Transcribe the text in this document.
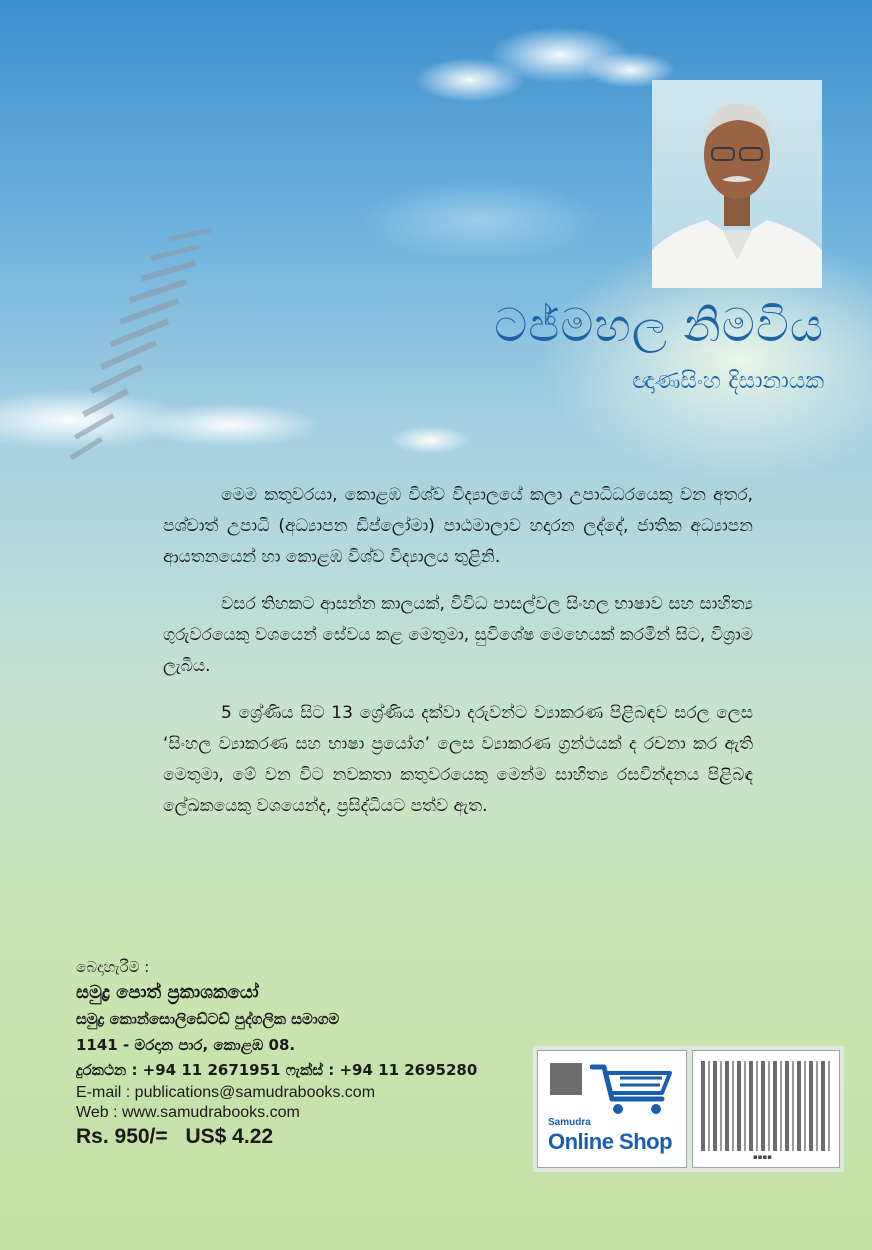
ටජ්මහල නිමවිය
ඥාණසිංහ දිසානායක

මෙම කතුවරයා, කොළඹ විශ්ව විද්‍යාලයේ කලා උපාධිධරයෙකු වන අතර, පශ්චාත් උපාධි (අධ්‍යාපන ඩිප්ලෝමා) පාඨමාලාව හදාරන ලද්දේ, ජාතික අධ්‍යාපන ආයතනයෙන් හා කොළඹ විශ්ව විද්‍යාලය තුළිනි.

වසර තිහකට ආසන්න කාලයක්, විවිධ පාසල්වල සිංහල භාෂාව සහ සාහිත්‍ය ගුරුවරයෙකු වශයෙන් සේවය කළ මෙතුමා, සුවිශේෂ මෙහෙයක් කරමින් සිට, විශ්‍රාම ලැබීය.

5 ශ්‍රේණිය සිට 13 ශ්‍රේණිය දක්වා දරුවන්ට ව්‍යාකරණ පිළිබඳව සරල ලෙස ‘සිංහල ව්‍යාකරණ සහ භාෂා ප්‍රයෝග’ ලෙස ව්‍යාකරණ ග්‍රන්ථයක් ද රචනා කර ඇති මෙතුමා, මේ වන විට නවකතා කතුවරයෙකු මෙන්ම සාහිත්‍ය රසවින්දනය පිළිබඳ ලේඛකයෙකු වශයෙන්ද, ප්‍රසිද්ධියට පත්ව ඇත.

බෙදාහැරීම :
සමුද්‍ර පොත් ප්‍රකාශකයෝ
සමුද්‍ර කොන්සොලිඩේටඩ් පුද්ගලික සමාගම
1141 - මරදාන පාර, කොළඹ 08.
දුරකථන : +94 11 2671951 ෆැක්ස් : +94 11 2695280
E-mail : publications@samudrabooks.com
Web : www.samudrabooks.com
Rs. 950/= US$ 4.22
Samudra
Online Shop
▪▪▪▪
